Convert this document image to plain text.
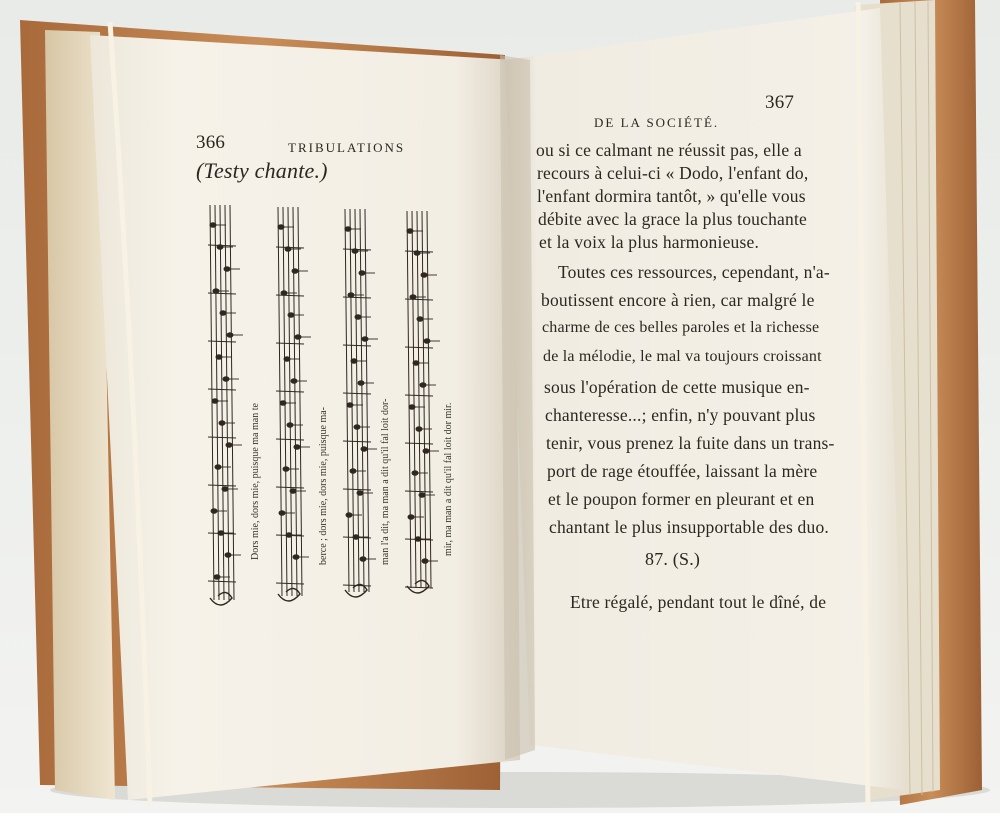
366	TRIBULATIONS
(Testy chante.)
Dors mie, dors mie, puisque ma man te	berce ; dors mie, dors mie, puisque ma-	man l'a dit, ma man a dit qu'il fal loit dor-	mir, ma man a dit qu'il fal loit dor mir.
DE LA SOCIÉTÉ.
367
ou si ce calmant ne réussit pas, elle a
recours à celui-ci « Dodo, l'enfant do,
l'enfant dormira tantôt, » qu'elle vous
débite avec la grace la plus touchante
et la voix la plus harmonieuse.
Toutes ces ressources, cependant, n'a-
boutissent encore à rien, car malgré le
charme de ces belles paroles et la richesse
de la mélodie, le mal va toujours croissant
sous l'opération de cette musique en-
chanteresse...; enfin, n'y pouvant plus
tenir, vous prenez la fuite dans un trans-
port de rage étouffée, laissant la mère
et le poupon former en pleurant et en
chantant le plus insupportable des duo.
87. (S.)
Etre régalé, pendant tout le dîné, de
